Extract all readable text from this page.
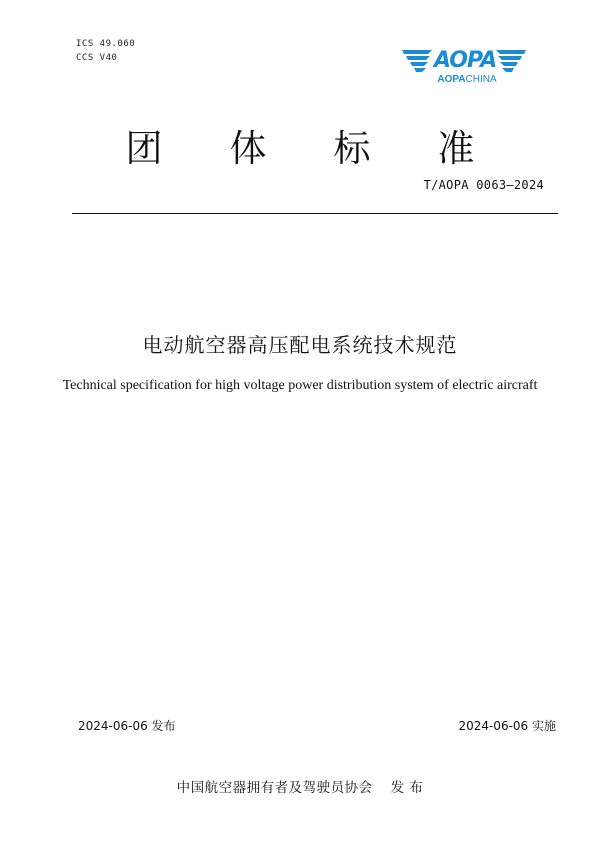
ICS 49.060
CCS V40	AOPA
AOPACHINA
团 体 标 准
T/AOPA 0063—2024
电动航空器高压配电系统技术规范
Technical specification for high voltage power distribution system of electric aircraft
2024-06-06 发布	2024-06-06 实施
中国航空器拥有者及驾驶员协会 发 布
